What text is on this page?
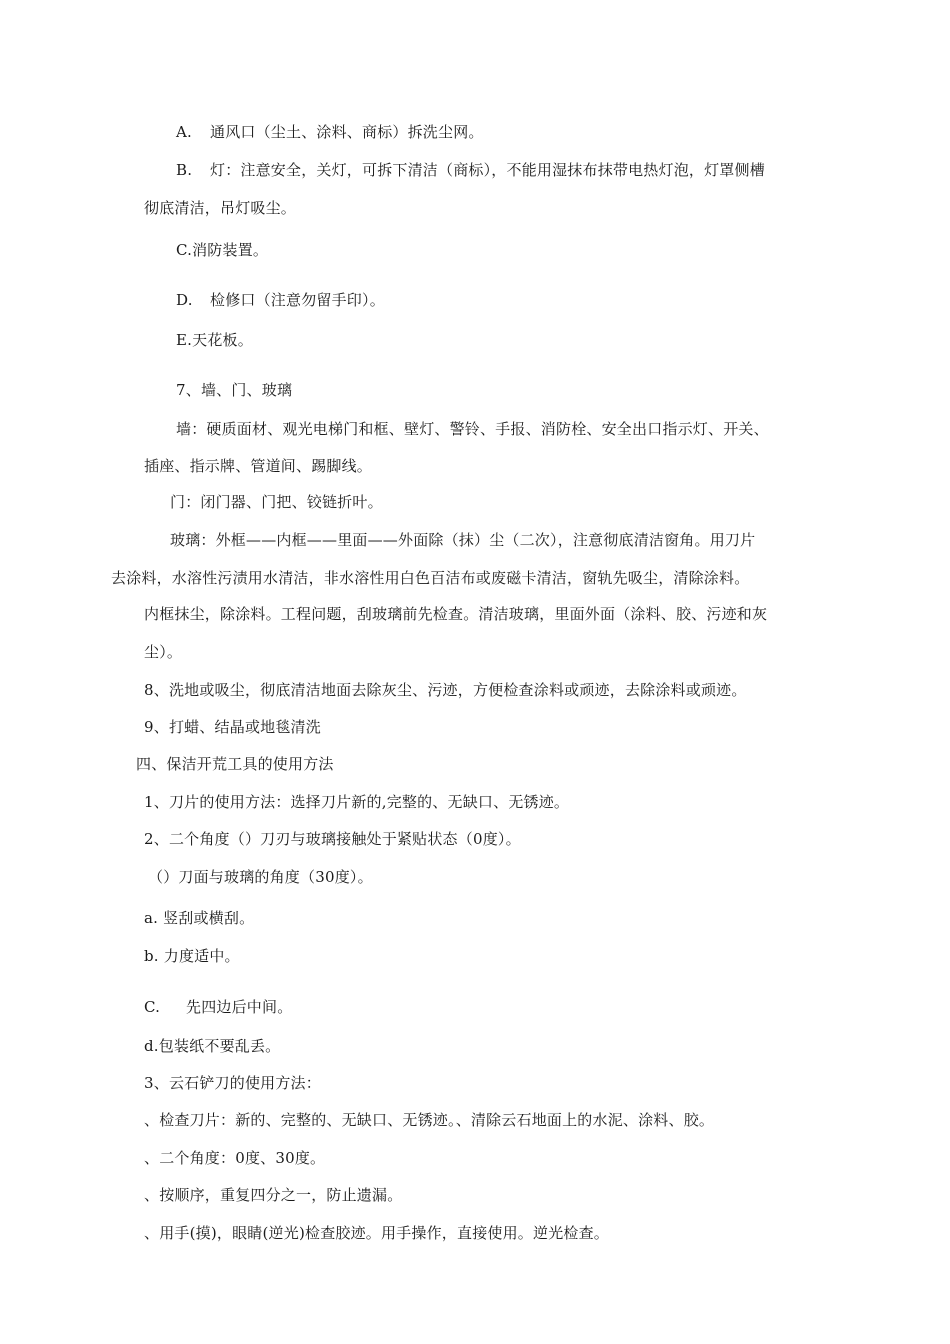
A. 通风口（尘土、涂料、商标）拆洗尘网。
B. 灯：注意安全，关灯，可拆下清洁（商标），不能用湿抹布抹带电热灯泡，灯罩侧槽
彻底清洁，吊灯吸尘。
C.消防装置。
D. 检修口（注意勿留手印）。
E.天花板。
7、墙、门、玻璃
墙：硬质面材、观光电梯门和框、壁灯、警铃、手报、消防栓、安全出口指示灯、开关、
插座、指示牌、管道间、踢脚线。
门：闭门器、门把、铰链折叶。
玻璃：外框——内框——里面——外面除（抹）尘（二次），注意彻底清洁窗角。用刀片
去涂料，水溶性污渍用水清洁，非水溶性用白色百洁布或废磁卡清洁，窗轨先吸尘，清除涂料。
内框抹尘，除涂料。工程问题，刮玻璃前先检查。清洁玻璃，里面外面（涂料、胶、污迹和灰
尘）。
8、洗地或吸尘，彻底清洁地面去除灰尘、污迹，方便检查涂料或顽迹，去除涂料或顽迹。
9、打蜡、结晶或地毯清洗
四、保洁开荒工具的使用方法
1、刀片的使用方法：选择刀片新的,完整的、无缺口、无锈迹。
2、二个角度（）刀刃与玻璃接触处于紧贴状态（0度）。
（）刀面与玻璃的角度（30度）。
a. 竖刮或横刮。
b. 力度适中。
C. 先四边后中间。
d.包装纸不要乱丢。
3、云石铲刀的使用方法：
、检查刀片：新的、完整的、无缺口、无锈迹。、清除云石地面上的水泥、涂料、胶。
、二个角度：0度、30度。
、按顺序，重复四分之一，防止遗漏。
、用手(摸)，眼睛(逆光)检查胶迹。用手操作，直接使用。逆光检查。
